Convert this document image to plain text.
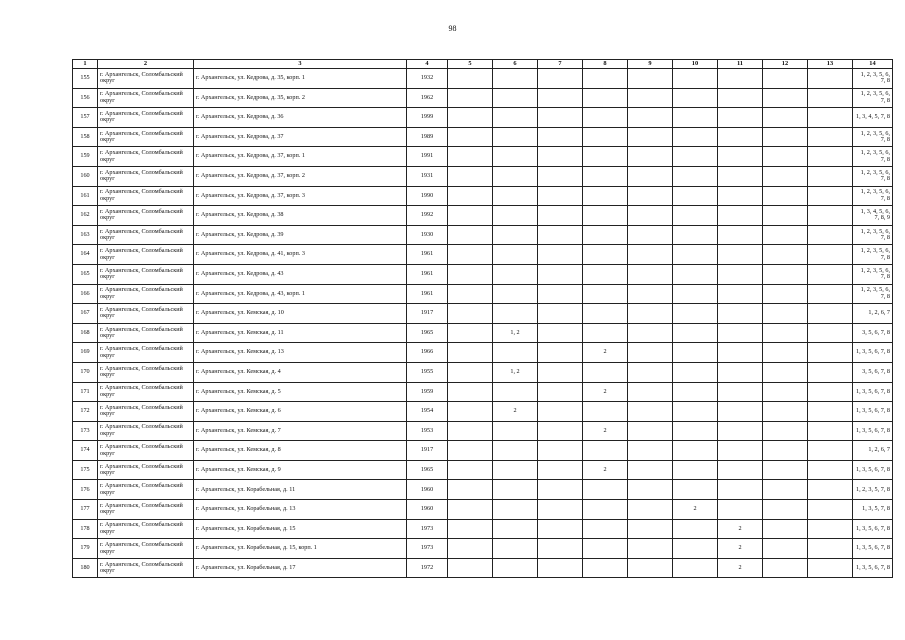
98
1	2	3	4	5	6	7	8	9	10	11	12	13	14
155	г. Архангельск, Соломбальский округ	г. Архангельск, ул. Кедрова, д. 35, корп. 1	1932										1, 2, 3, 5, 6, 7, 8
156	г. Архангельск, Соломбальский округ	г. Архангельск, ул. Кедрова, д. 35, корп. 2	1962										1, 2, 3, 5, 6, 7, 8
157	г. Архангельск, Соломбальский округ	г. Архангельск, ул. Кедрова, д. 36	1999										1, 3, 4, 5, 7, 8
158	г. Архангельск, Соломбальский округ	г. Архангельск, ул. Кедрова, д. 37	1989										1, 2, 3, 5, 6, 7, 8
159	г. Архангельск, Соломбальский округ	г. Архангельск, ул. Кедрова, д. 37, корп. 1	1991										1, 2, 3, 5, 6, 7, 8
160	г. Архангельск, Соломбальский округ	г. Архангельск, ул. Кедрова, д. 37, корп. 2	1931										1, 2, 3, 5, 6, 7, 8
161	г. Архангельск, Соломбальский округ	г. Архангельск, ул. Кедрова, д. 37, корп. 3	1990										1, 2, 3, 5, 6, 7, 8
162	г. Архангельск, Соломбальский округ	г. Архангельск, ул. Кедрова, д. 38	1992										1, 3, 4, 5, 6, 7, 8, 9
163	г. Архангельск, Соломбальский округ	г. Архангельск, ул. Кедрова, д. 39	1930										1, 2, 3, 5, 6, 7, 8
164	г. Архангельск, Соломбальский округ	г. Архангельск, ул. Кедрова, д. 41, корп. 3	1961										1, 2, 3, 5, 6, 7, 8
165	г. Архангельск, Соломбальский округ	г. Архангельск, ул. Кедрова, д. 43	1961										1, 2, 3, 5, 6, 7, 8
166	г. Архангельск, Соломбальский округ	г. Архангельск, ул. Кедрова, д. 43, корп. 1	1961										1, 2, 3, 5, 6, 7, 8
167	г. Архангельск, Соломбальский округ	г. Архангельск, ул. Кемская, д. 10	1917										1, 2, 6, 7
168	г. Архангельск, Соломбальский округ	г. Архангельск, ул. Кемская, д. 11	1965		1, 2								3, 5, 6, 7, 8
169	г. Архангельск, Соломбальский округ	г. Архангельск, ул. Кемская, д. 13	1966				2						1, 3, 5, 6, 7, 8
170	г. Архангельск, Соломбальский округ	г. Архангельск, ул. Кемская, д. 4	1955		1, 2								3, 5, 6, 7, 8
171	г. Архангельск, Соломбальский округ	г. Архангельск, ул. Кемская, д. 5	1959				2						1, 3, 5, 6, 7, 8
172	г. Архангельск, Соломбальский округ	г. Архангельск, ул. Кемская, д. 6	1954		2								1, 3, 5, 6, 7, 8
173	г. Архангельск, Соломбальский округ	г. Архангельск, ул. Кемская, д. 7	1953				2						1, 3, 5, 6, 7, 8
174	г. Архангельск, Соломбальский округ	г. Архангельск, ул. Кемская, д. 8	1917										1, 2, 6, 7
175	г. Архангельск, Соломбальский округ	г. Архангельск, ул. Кемская, д. 9	1965				2						1, 3, 5, 6, 7, 8
176	г. Архангельск, Соломбальский округ	г. Архангельск, ул. Корабельная, д. 11	1960										1, 2, 3, 5, 7, 8
177	г. Архангельск, Соломбальский округ	г. Архангельск, ул. Корабельная, д. 13	1960						2				1, 3, 5, 7, 8
178	г. Архангельск, Соломбальский округ	г. Архангельск, ул. Корабельная, д. 15	1973							2			1, 3, 5, 6, 7, 8
179	г. Архангельск, Соломбальский округ	г. Архангельск, ул. Корабельная, д. 15, корп. 1	1973							2			1, 3, 5, 6, 7, 8
180	г. Архангельск, Соломбальский округ	г. Архангельск, ул. Корабельная, д. 17	1972							2			1, 3, 5, 6, 7, 8
